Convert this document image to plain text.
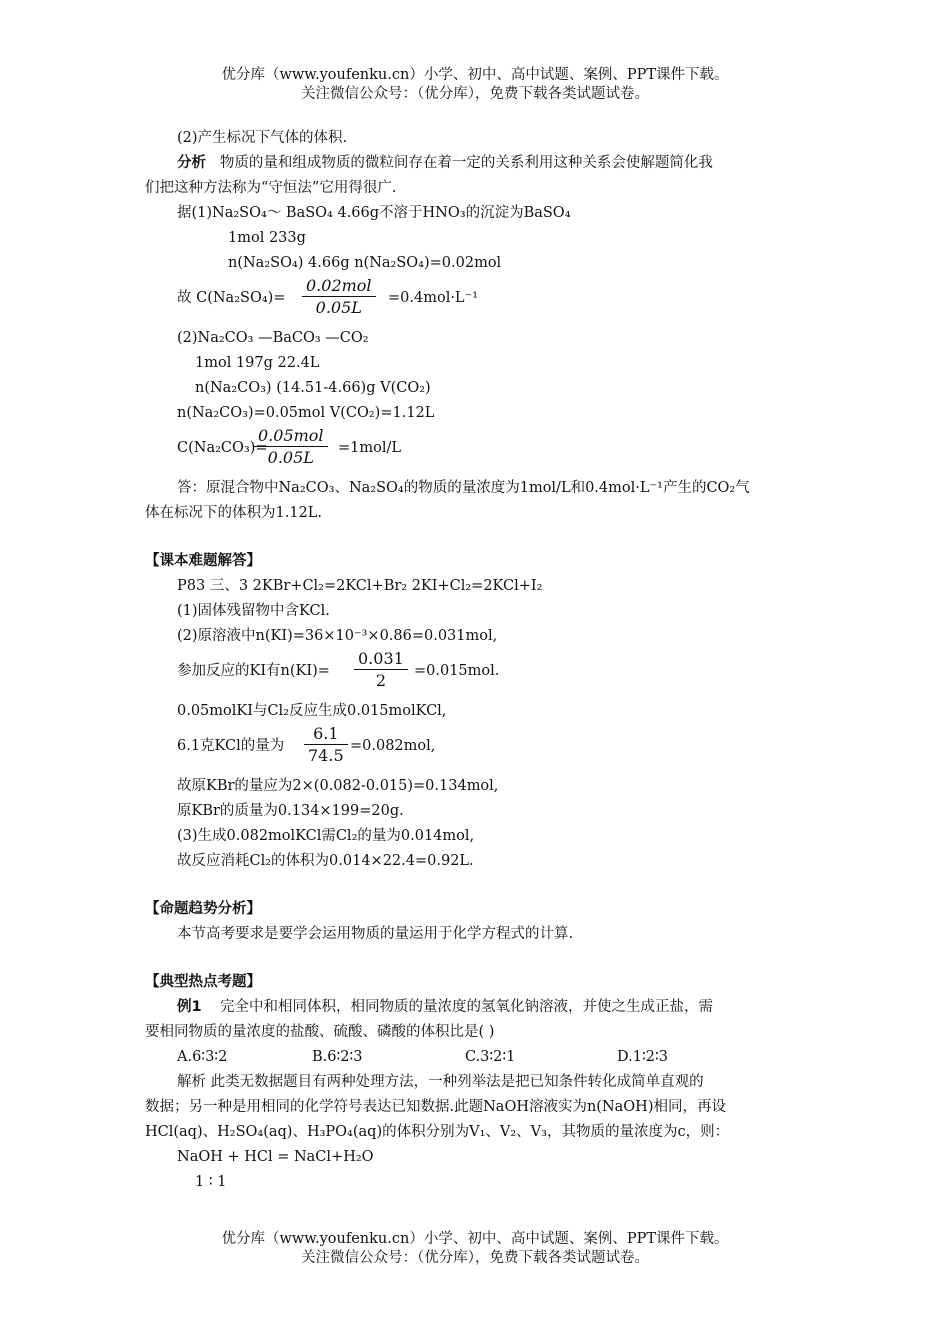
优分库（www.youfenku.cn）小学、初中、高中试题、案例、PPT课件下载。
关注微信公众号：（优分库），免费下载各类试题试卷。
(2)产生标况下气体的体积.
分析 物质的量和组成物质的微粒间存在着一定的关系利用这种关系会使解题简化我
们把这种方法称为“守恒法”它用得很广.
据(1)Na₂SO₄～ BaSO₄ 4.66g不溶于HNO₃的沉淀为BaSO₄
1mol 233g
n(Na₂SO₄) 4.66g n(Na₂SO₄)=0.02mol
故 C(Na₂SO₄)=
0.02mol
0.05L	=0.4mol·L⁻¹
(2)Na₂CO₃ —BaCO₃ —CO₂
1mol 197g 22.4L
n(Na₂CO₃) (14.51-4.66)g V(CO₂)
n(Na₂CO₃)=0.05mol V(CO₂)=1.12L
C(Na₂CO₃)=
0.05mol
0.05L	=1mol/L
答：原混合物中Na₂CO₃、Na₂SO₄的物质的量浓度为1mol/L和0.4mol·L⁻¹产生的CO₂气
体在标况下的体积为1.12L.
【课本难题解答】
P83 三、3 2KBr+Cl₂=2KCl+Br₂ 2KI+Cl₂=2KCl+I₂
(1)固体残留物中含KCl.
(2)原溶液中n(KI)=36×10⁻³×0.86=0.031mol,
参加反应的KI有$n(KI)= \frac{0.031}{2} =0.015mol$.
0.05molKI与Cl₂反应生成0.015molKCl,
6.1克KCl的量为 $\frac{6.1}{74.5} =0.082mol$,
故原KBr的量应为2×(0.082-0.015)=0.134mol,
原KBr的质量为0.134×199=20g.
(3)生成0.082molKCl需Cl₂的量为0.014mol,
故反应消耗Cl₂的体积为0.014×22.4=0.92L.
【命题趋势分析】
本节高考要求是要学会运用物质的量运用于化学方程式的计算.
【典型热点考题】
例1 完全中和相同体积，相同物质的量浓度的氢氧化钠溶液，并使之生成正盐，需
要相同物质的量浓度的盐酸、硫酸、磷酸的体积比是( )
A.6∶3∶2	B.6∶2∶3	C.3∶2∶1	D.1∶2∶3
解析 此类无数据题目有两种处理方法，一种列举法是把已知条件转化成简单直观的
数据；另一种是用相同的化学符号表达已知数据.此题NaOH溶液实为n(NaOH)相同，再设
HCl(aq)、H₂SO₄(aq)、H₃PO₄(aq)的体积分别为V₁、V₂、V₃，其物质的量浓度为c，则：
NaOH + HCl = NaCl+H₂O
1 ∶ 1
优分库（www.youfenku.cn）小学、初中、高中试题、案例、PPT课件下载。
关注微信公众号：（优分库），免费下载各类试题试卷。
